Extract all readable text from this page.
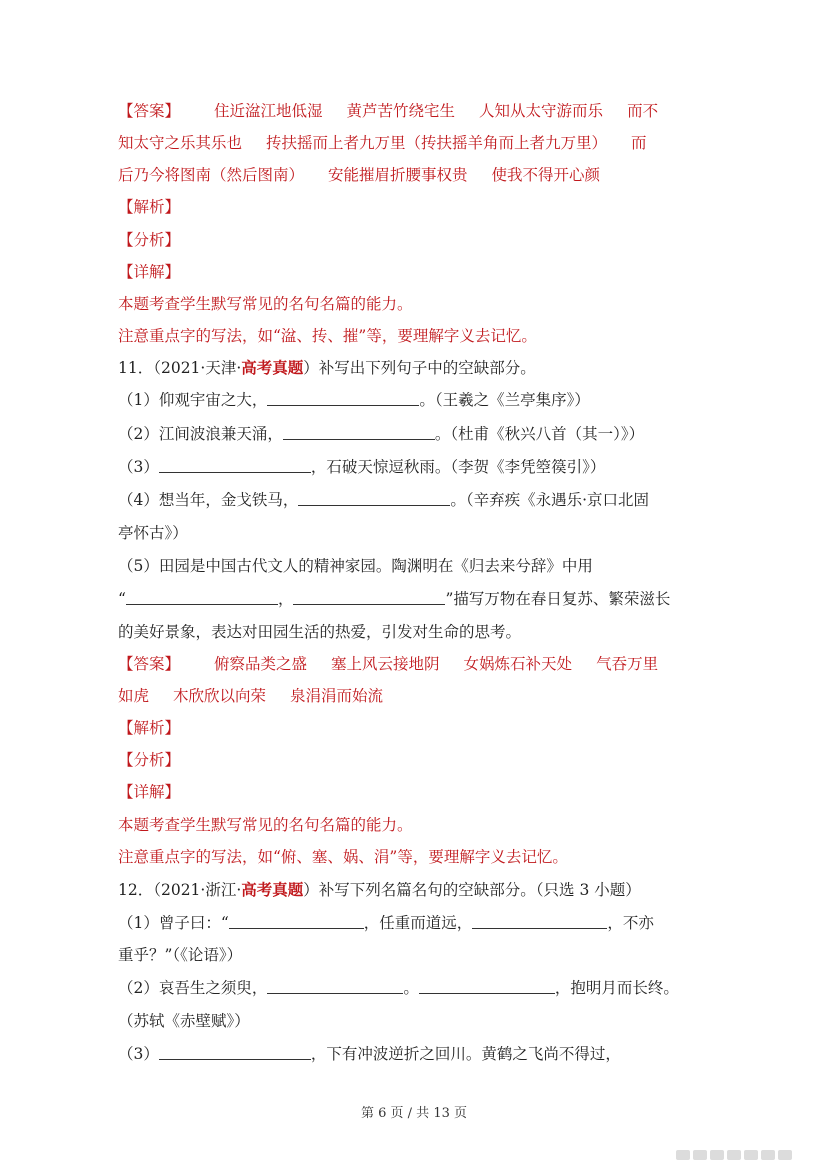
【答案】 住近湓江地低湿 黄芦苦竹绕宅生 人知从太守游而乐 而不
知太守之乐其乐也 抟扶摇而上者九万里（抟扶摇羊角而上者九万里） 而
后乃今将图南（然后图南） 安能摧眉折腰事权贵 使我不得开心颜
【解析】
【分析】
【详解】
本题考查学生默写常见的名句名篇的能力。
注意重点字的写法，如“湓、抟、摧”等，要理解字义去记忆。
11．（2021·天津·高考真题）补写出下列句子中的空缺部分。
（1）仰观宇宙之大，	。（王羲之《兰亭集序》）
（2）江间波浪兼天涌，	。（杜甫《秋兴八首（其一）》）
（3）	，石破天惊逗秋雨。（李贺《李凭箜篌引》）
（4）想当年，金戈铁马，	。（辛弃疾《永遇乐·京口北固
亭怀古》）
（5）田园是中国古代文人的精神家园。陶渊明在《归去来兮辞》中用
“	，	”描写万物在春日复苏、繁荣滋长
的美好景象，表达对田园生活的热爱，引发对生命的思考。
【答案】 俯察品类之盛 塞上风云接地阴 女娲炼石补天处 气吞万里
如虎 木欣欣以向荣 泉涓涓而始流
【解析】
【分析】
【详解】
本题考查学生默写常见的名句名篇的能力。
注意重点字的写法，如“俯、塞、娲、涓”等，要理解字义去记忆。
12．（2021·浙江·高考真题）补写下列名篇名句的空缺部分。（只选 3 小题）
（1）曾子曰：“	，任重而道远，	，不亦
重乎？”（《论语》）
（2）哀吾生之须臾，	。	，抱明月而长终。
（苏轼《赤壁赋》）
（3）	，下有冲波逆折之回川。黄鹤之飞尚不得过，
第 6 页 / 共 13 页
